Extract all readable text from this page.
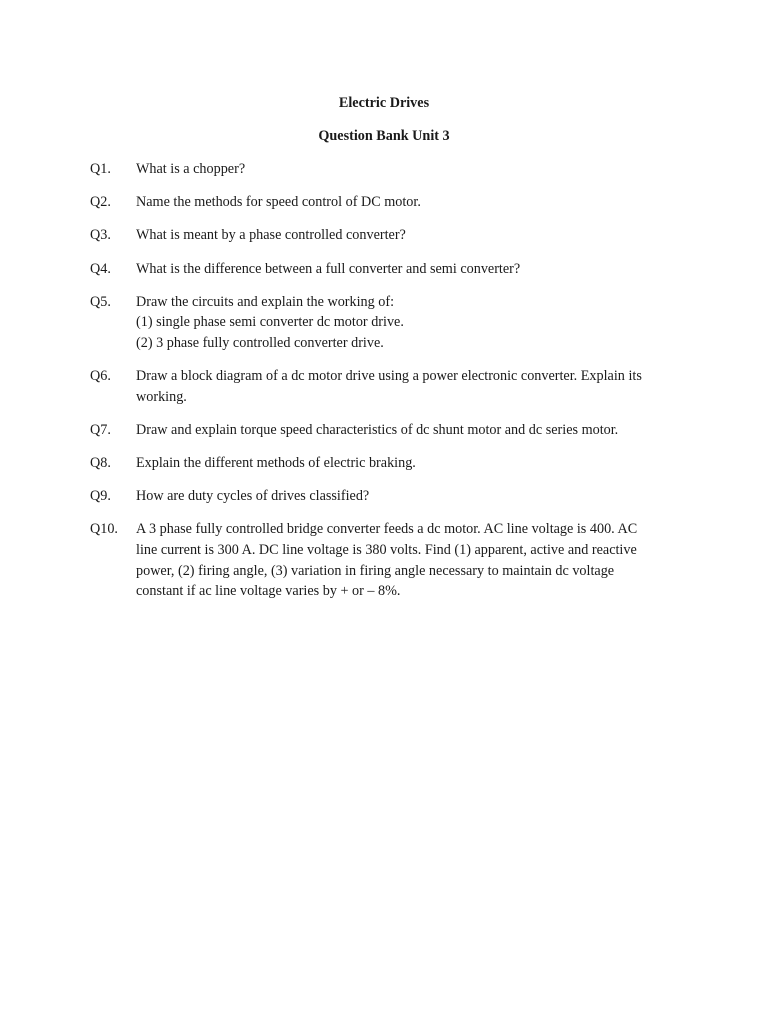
Electric Drives
Question Bank Unit 3
Q1.	What is a chopper?
Q2.	Name the methods for speed control of DC motor.
Q3.	What is meant by a phase controlled converter?
Q4.	What is the difference between a full converter and semi converter?
Q5.	Draw the circuits and explain the working of:
(1) single phase semi converter dc motor drive.
(2) 3 phase fully controlled converter drive.
Q6.	Draw a block diagram of a dc motor drive using a power electronic converter. Explain its
working.
Q7.	Draw and explain torque speed characteristics of dc shunt motor and dc series motor.
Q8.	Explain the different methods of electric braking.
Q9.	How are duty cycles of drives classified?
Q10.	A 3 phase fully controlled bridge converter feeds a dc motor. AC line voltage is 400. AC
line current is 300 A. DC line voltage is 380 volts. Find (1) apparent, active and reactive
power, (2) firing angle, (3) variation in firing angle necessary to maintain dc voltage
constant if ac line voltage varies by + or – 8%.
